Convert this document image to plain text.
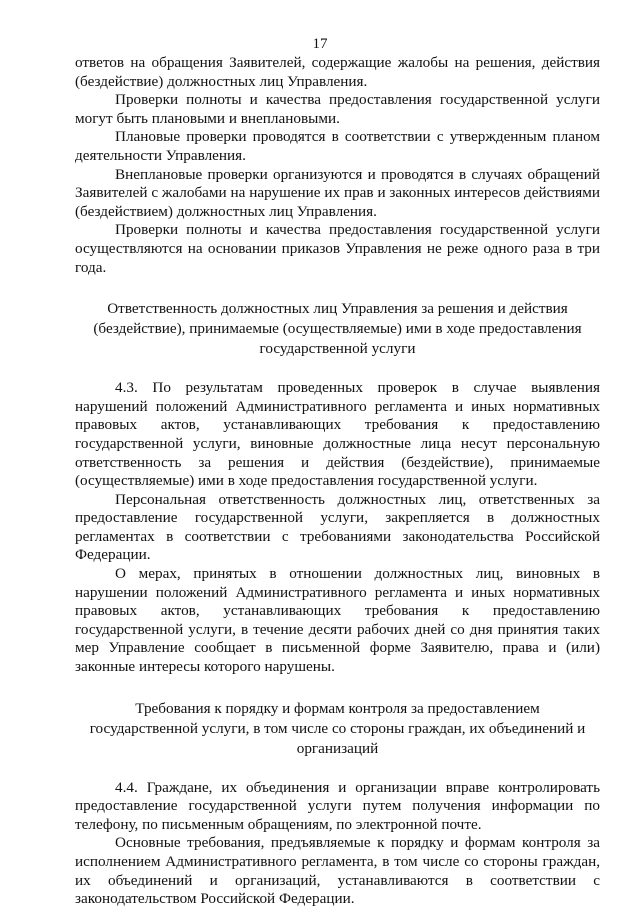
17

ответов на обращения Заявителей, содержащие жалобы на решения, действия (бездействие) должностных лиц Управления.

Проверки полноты и качества предоставления государственной услуги могут быть плановыми и внеплановыми.

Плановые проверки проводятся в соответствии с утвержденным планом деятельности Управления.

Внеплановые проверки организуются и проводятся в случаях обращений Заявителей с жалобами на нарушение их прав и законных интересов действиями (бездействием) должностных лиц Управления.

Проверки полноты и качества предоставления государственной услуги осуществляются на основании приказов Управления не реже одного раза в три года.

Ответственность должностных лиц Управления за решения и действия (бездействие), принимаемые (осуществляемые) ими в ходе предоставления государственной услуги

4.3. По результатам проведенных проверок в случае выявления нарушений положений Административного регламента и иных нормативных правовых актов, устанавливающих требования к предоставлению государственной услуги, виновные должностные лица несут персональную ответственность за решения и действия (бездействие), принимаемые (осуществляемые) ими в ходе предоставления государственной услуги.

Персональная ответственность должностных лиц, ответственных за предоставление государственной услуги, закрепляется в должностных регламентах в соответствии с требованиями законодательства Российской Федерации.

О мерах, принятых в отношении должностных лиц, виновных в нарушении положений Административного регламента и иных нормативных правовых актов, устанавливающих требования к предоставлению государственной услуги, в течение десяти рабочих дней со дня принятия таких мер Управление сообщает в письменной форме Заявителю, права и (или) законные интересы которого нарушены.

Требования к порядку и формам контроля за предоставлением государственной услуги, в том числе со стороны граждан, их объединений и организаций

4.4. Граждане, их объединения и организации вправе контролировать предоставление государственной услуги путем получения информации по телефону, по письменным обращениям, по электронной почте.

Основные требования, предъявляемые к порядку и формам контроля за исполнением Административного регламента, в том числе со стороны граждан, их объединений и организаций, устанавливаются в соответствии с законодательством Российской Федерации.
